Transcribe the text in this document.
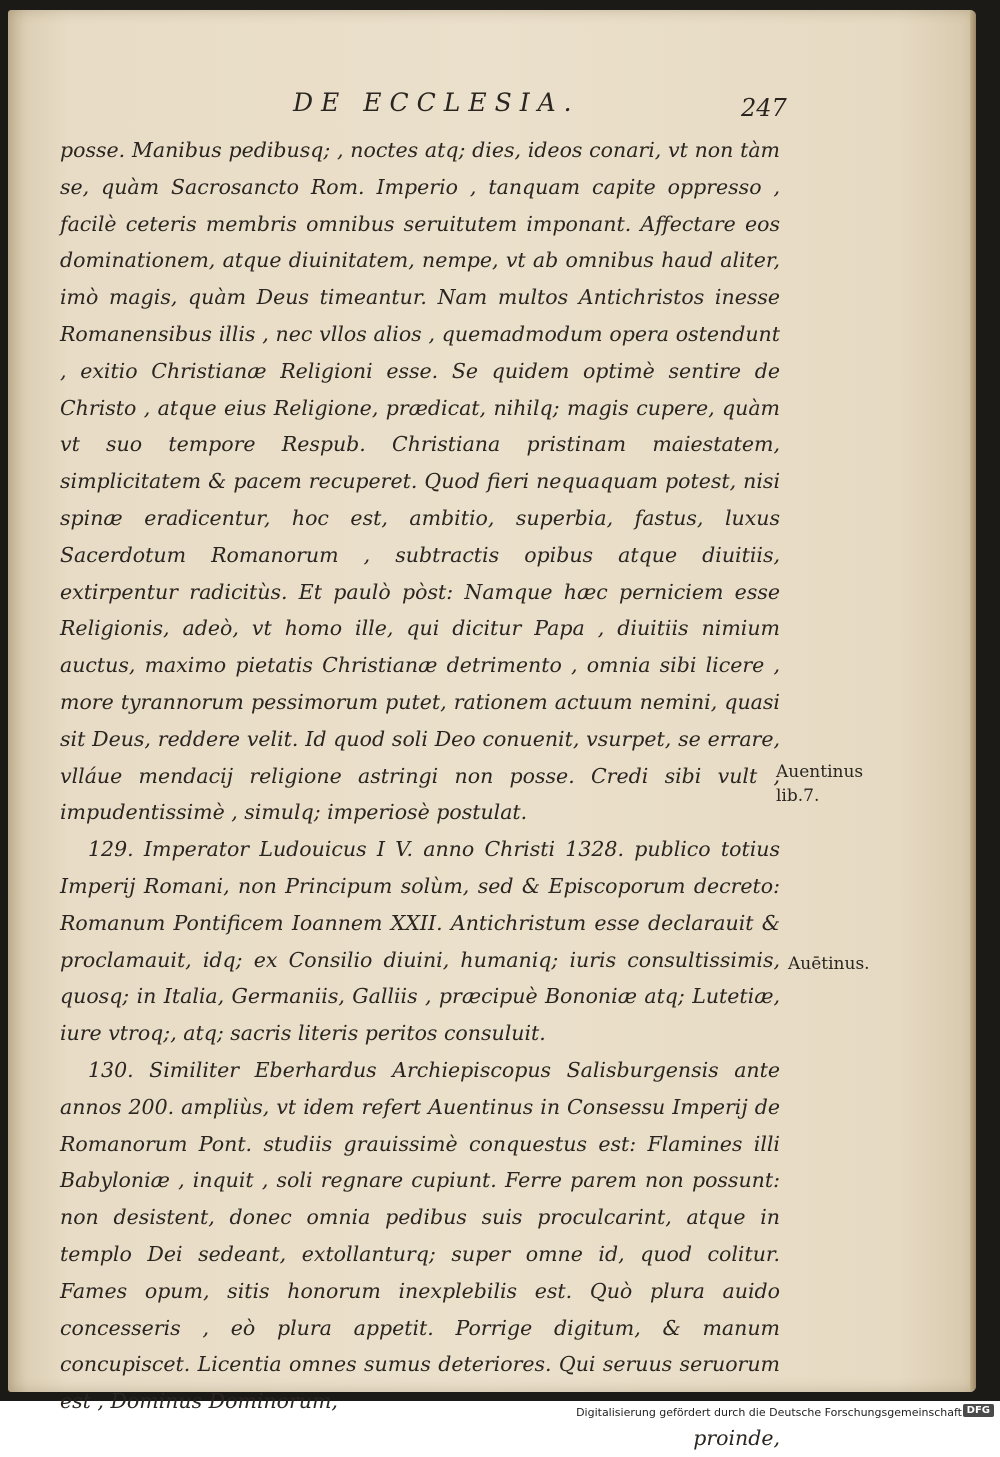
DE ECCLESIA.	247

posse. Manibus pedibusq; , noctes atq; dies, ideos conari, vt non tàm se, quàm Sacrosancto Rom. Imperio , tanquam capite oppresso , facilè ceteris membris omnibus seruitutem imponant. Affectare eos dominationem, atque diuinitatem, nempe, vt ab omnibus haud aliter, imò magis, quàm Deus timeantur. Nam multos Antichristos inesse Romanensibus illis , nec vllos alios , quemadmodum opera ostendunt , exitio Christianæ Religioni esse. Se quidem optimè sentire de Christo , atque eius Religione, prædicat, nihilq; magis cupere, quàm vt suo tempore Respub. Christiana pristinam maiestatem, simplicitatem & pacem recuperet. Quod fieri nequaquam potest, nisi spinæ eradicentur, hoc est, ambitio, superbia, fastus, luxus Sacerdotum Romanorum , subtractis opibus atque diuitiis, extirpentur radicitùs. Et paulò pòst: Namque hæc perniciem esse Religionis, adeò, vt homo ille, qui dicitur Papa , diuitiis nimium auctus, maximo pietatis Christianæ detrimento , omnia sibi licere , more tyrannorum pessimorum putet, rationem actuum nemini, quasi sit Deus, reddere velit. Id quod soli Deo conuenit, vsurpet, se errare, vlláue mendacij religione astringi non posse. Credi sibi vult , impudentissimè , simulq; imperiosè postulat.

129. Imperator Ludouicus I V. anno Christi 1328. publico totius Imperij Romani, non Principum solùm, sed & Episcoporum decreto: Romanum Pontificem Ioannem XXII. Antichristum esse declarauit & proclamauit, idq; ex Consilio diuini, humaniq; iuris consultissimis, quosq; in Italia, Germaniis, Galliis , præcipuè Bononiæ atq; Lutetiæ, iure vtroq;, atq; sacris literis peritos consuluit.

130. Similiter Eberhardus Archiepiscopus Salisburgensis ante annos 200. ampliùs, vt idem refert Auentinus in Consessu Imperij de Romanorum Pont. studiis grauissimè conquestus est: Flamines illi Babyloniæ , inquit , soli regnare cupiunt. Ferre parem non possunt: non desistent, donec omnia pedibus suis proculcarint, atque in templo Dei sedeant, extollanturq; super omne id, quod colitur. Fames opum, sitis honorum inexplebilis est. Quò plura auido concesseris , eò plura appetit. Porrige digitum, & manum concupiscet. Licentia omnes sumus deteriores. Qui seruus seruorum est , Dominus Dominorum,

proinde,

Auentinus
lib.7.
Auētinus.
Digitalisierung gefördert durch die Deutsche Forschungsgemeinschaft DFG
